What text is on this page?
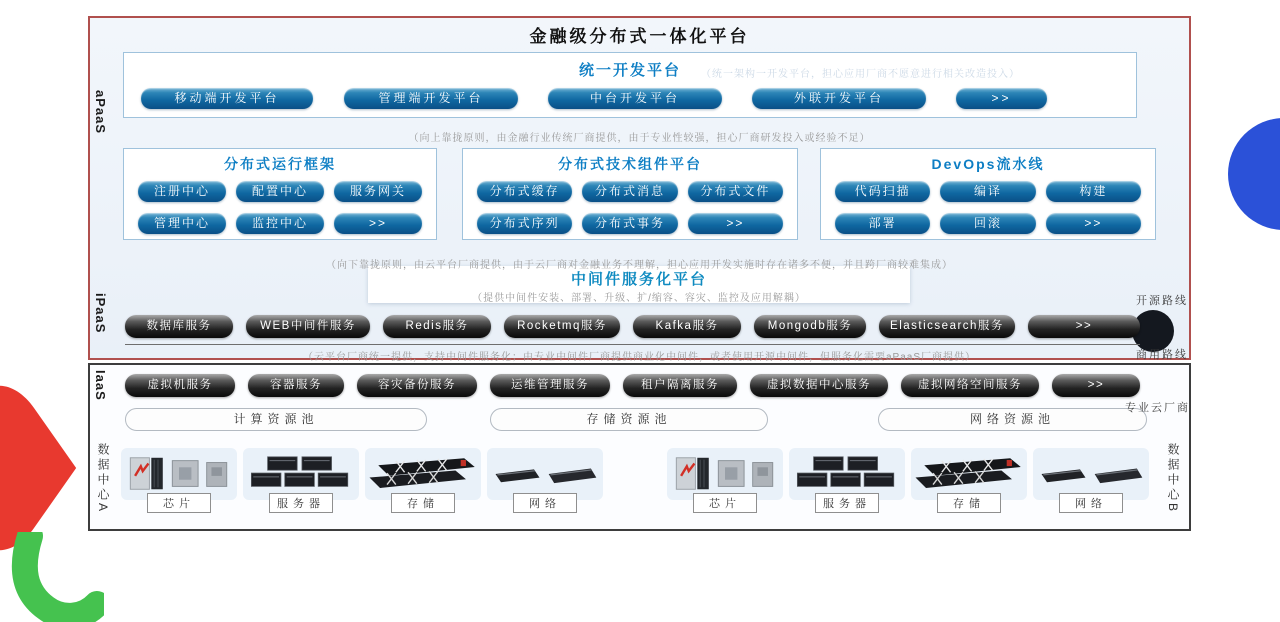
金融级分布式一体化平台
aPaaS
iPaaS
IaaS
统一开发平台	（统一架构一开发平台，担心应用厂商不愿意进行相关改造投入）
移动端开发平台	管理端开发平台	中台开发平台	外联开发平台	>>
（向上靠拢原则，由金融行业传统厂商提供，由于专业性较强，担心厂商研发投入或经验不足）
分布式运行框架
注册中心	配置中心	服务网关
管理中心	监控中心	>>
分布式技术组件平台
分布式缓存	分布式消息	分布式文件
分布式序列	分布式事务	>>
DevOps流水线
代码扫描	编译	构建
部署	回滚	>>
（向下靠拢原则，由云平台厂商提供，由于云厂商对金融业务不理解，担心应用开发实施时存在诸多不便，并且跨厂商较难集成）
中间件服务化平台
（提供中间件安装、部署、升级、扩/缩容、容灾、监控及应用解耦）	开源路线
商用路线
数据库服务	WEB中间件服务	Redis服务	Rocketmq服务	Kafka服务	Mongodb服务	Elasticsearch服务	>>
（云平台厂商统一提供，支持中间件服务化；由专业中间件厂商提供商业化中间件，或者使用开源中间件，但服务化需要aPaaS厂商提供）
虚拟机服务	容器服务	容灾备份服务	运维管理服务	租户隔离服务	虚拟数据中心服务	虚拟网络空间服务	>>
专业云厂商
计算资源池	存储资源池	网络资源池
芯片	服务器	存储	网络	芯片	服务器	存储	网络
数据中心A	数据中心B
